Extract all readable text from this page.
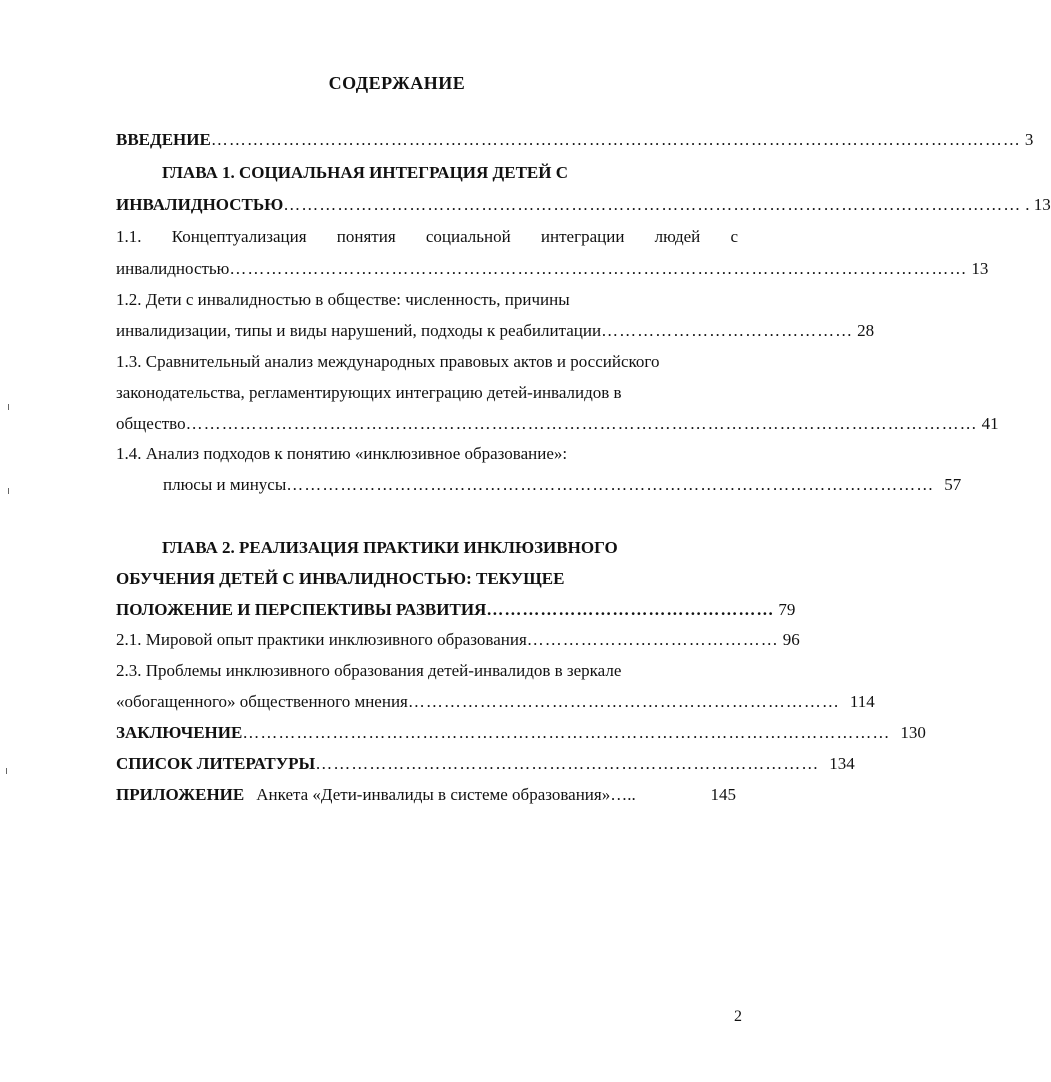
СОДЕРЖАНИЕ
ВВЕДЕНИЕ ……………………………………………………………………………………………………………………… 3
ГЛАВА 1. СОЦИАЛЬНАЯ ИНТЕГРАЦИЯ ДЕТЕЙ С
ИНВАЛИДНОСТЬЮ …………………………………………………………………………………………………………… . 13
1.1. Концептуализация понятия социальной интеграции людей с
инвалидностью …………………………………………………………………………………………………………… 13
1.2. Дети с инвалидностью в обществе: численность, причины
инвалидизации, типы и виды нарушений, подходы к реабилитации …………………………………… 28
1.3. Сравнительный анализ международных правовых актов и российского
законодательства, регламентирующих интеграцию детей-инвалидов в
общество …………………………………………………………………………………………………………………… 41
1.4. Анализ подходов к понятию «инклюзивное образование»:
плюсы и минусы ……………………………………………………………………………………………… 57
ГЛАВА 2. РЕАЛИЗАЦИЯ ПРАКТИКИ ИНКЛЮЗИВНОГО
ОБУЧЕНИЯ ДЕТЕЙ С ИНВАЛИДНОСТЬЮ: ТЕКУЩЕЕ
ПОЛОЖЕНИЕ И ПЕРСПЕКТИВЫ РАЗВИТИЯ ………………………………………… 79
2.1. Мировой опыт практики инклюзивного образования …………………………………… 96
2.3. Проблемы инклюзивного образования детей-инвалидов в зеркале
«обогащенного» общественного мнения ……………………………………………………………… 114
ЗАКЛЮЧЕНИЕ ……………………………………………………………………………………………… 130
СПИСОК ЛИТЕРАТУРЫ ………………………………………………………………………… 134
ПРИЛОЖЕНИЕ Анкета «Дети-инвалиды в системе образования»…..	145
2
